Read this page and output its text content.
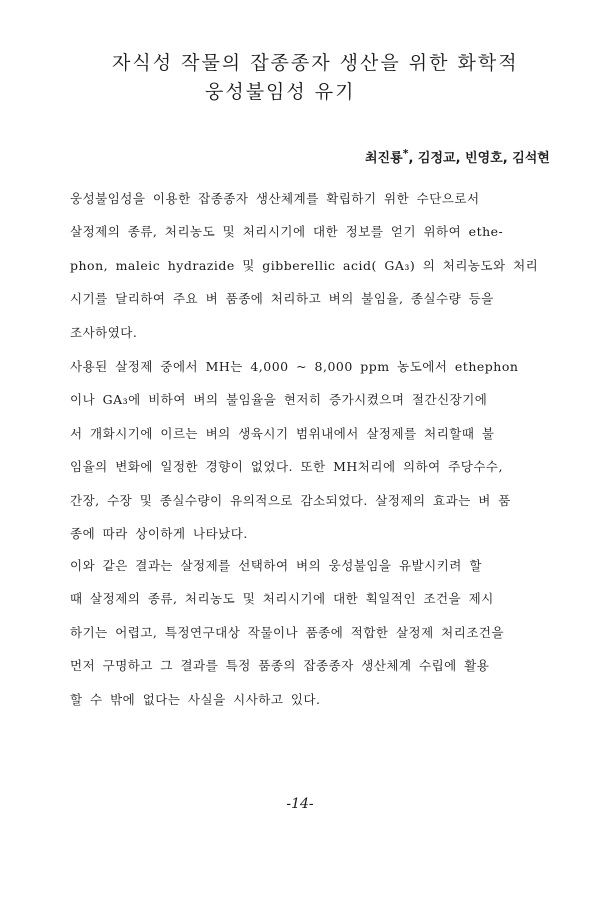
자식성 작물의 잡종종자 생산을 위한 화학적
웅성불임성 유기
최진룡*, 김정교, 빈영호, 김석현
웅성불임성을 이용한 잡종종자 생산체계를 확립하기 위한 수단으로서
살정제의 종류, 처리농도 및 처리시기에 대한 정보를 얻기 위하여 ethe-
phon, maleic hydrazide 및 gibberellic acid( GA₃) 의 처리농도와 처리
시기를 달리하여 주요 벼 품종에 처리하고 벼의 불임율, 종실수량 등을
조사하였다.
사용된 살정제 중에서 MH는 4,000 ~ 8,000 ppm 농도에서 ethephon
이나 GA₃에 비하여 벼의 불임율을 현저히 증가시켰으며 절간신장기에
서 개화시기에 이르는 벼의 생육시기 범위내에서 살정제를 처리할때 불
임율의 변화에 일정한 경향이 없었다. 또한 MH처리에 의하여 주당수수,
간장, 수장 및 종실수량이 유의적으로 감소되었다. 살정제의 효과는 벼 품
종에 따라 상이하게 나타났다.
이와 같은 결과는 살정제를 선택하여 벼의 웅성불임을 유발시키려 할
때 살정제의 종류, 처리농도 및 처리시기에 대한 획일적인 조건을 제시
하기는 어렵고, 특정연구대상 작물이나 품종에 적합한 살정제 처리조건을
먼저 구명하고 그 결과를 특정 품종의 잡종종자 생산체계 수립에 활용
할 수 밖에 없다는 사실을 시사하고 있다.
-14-
